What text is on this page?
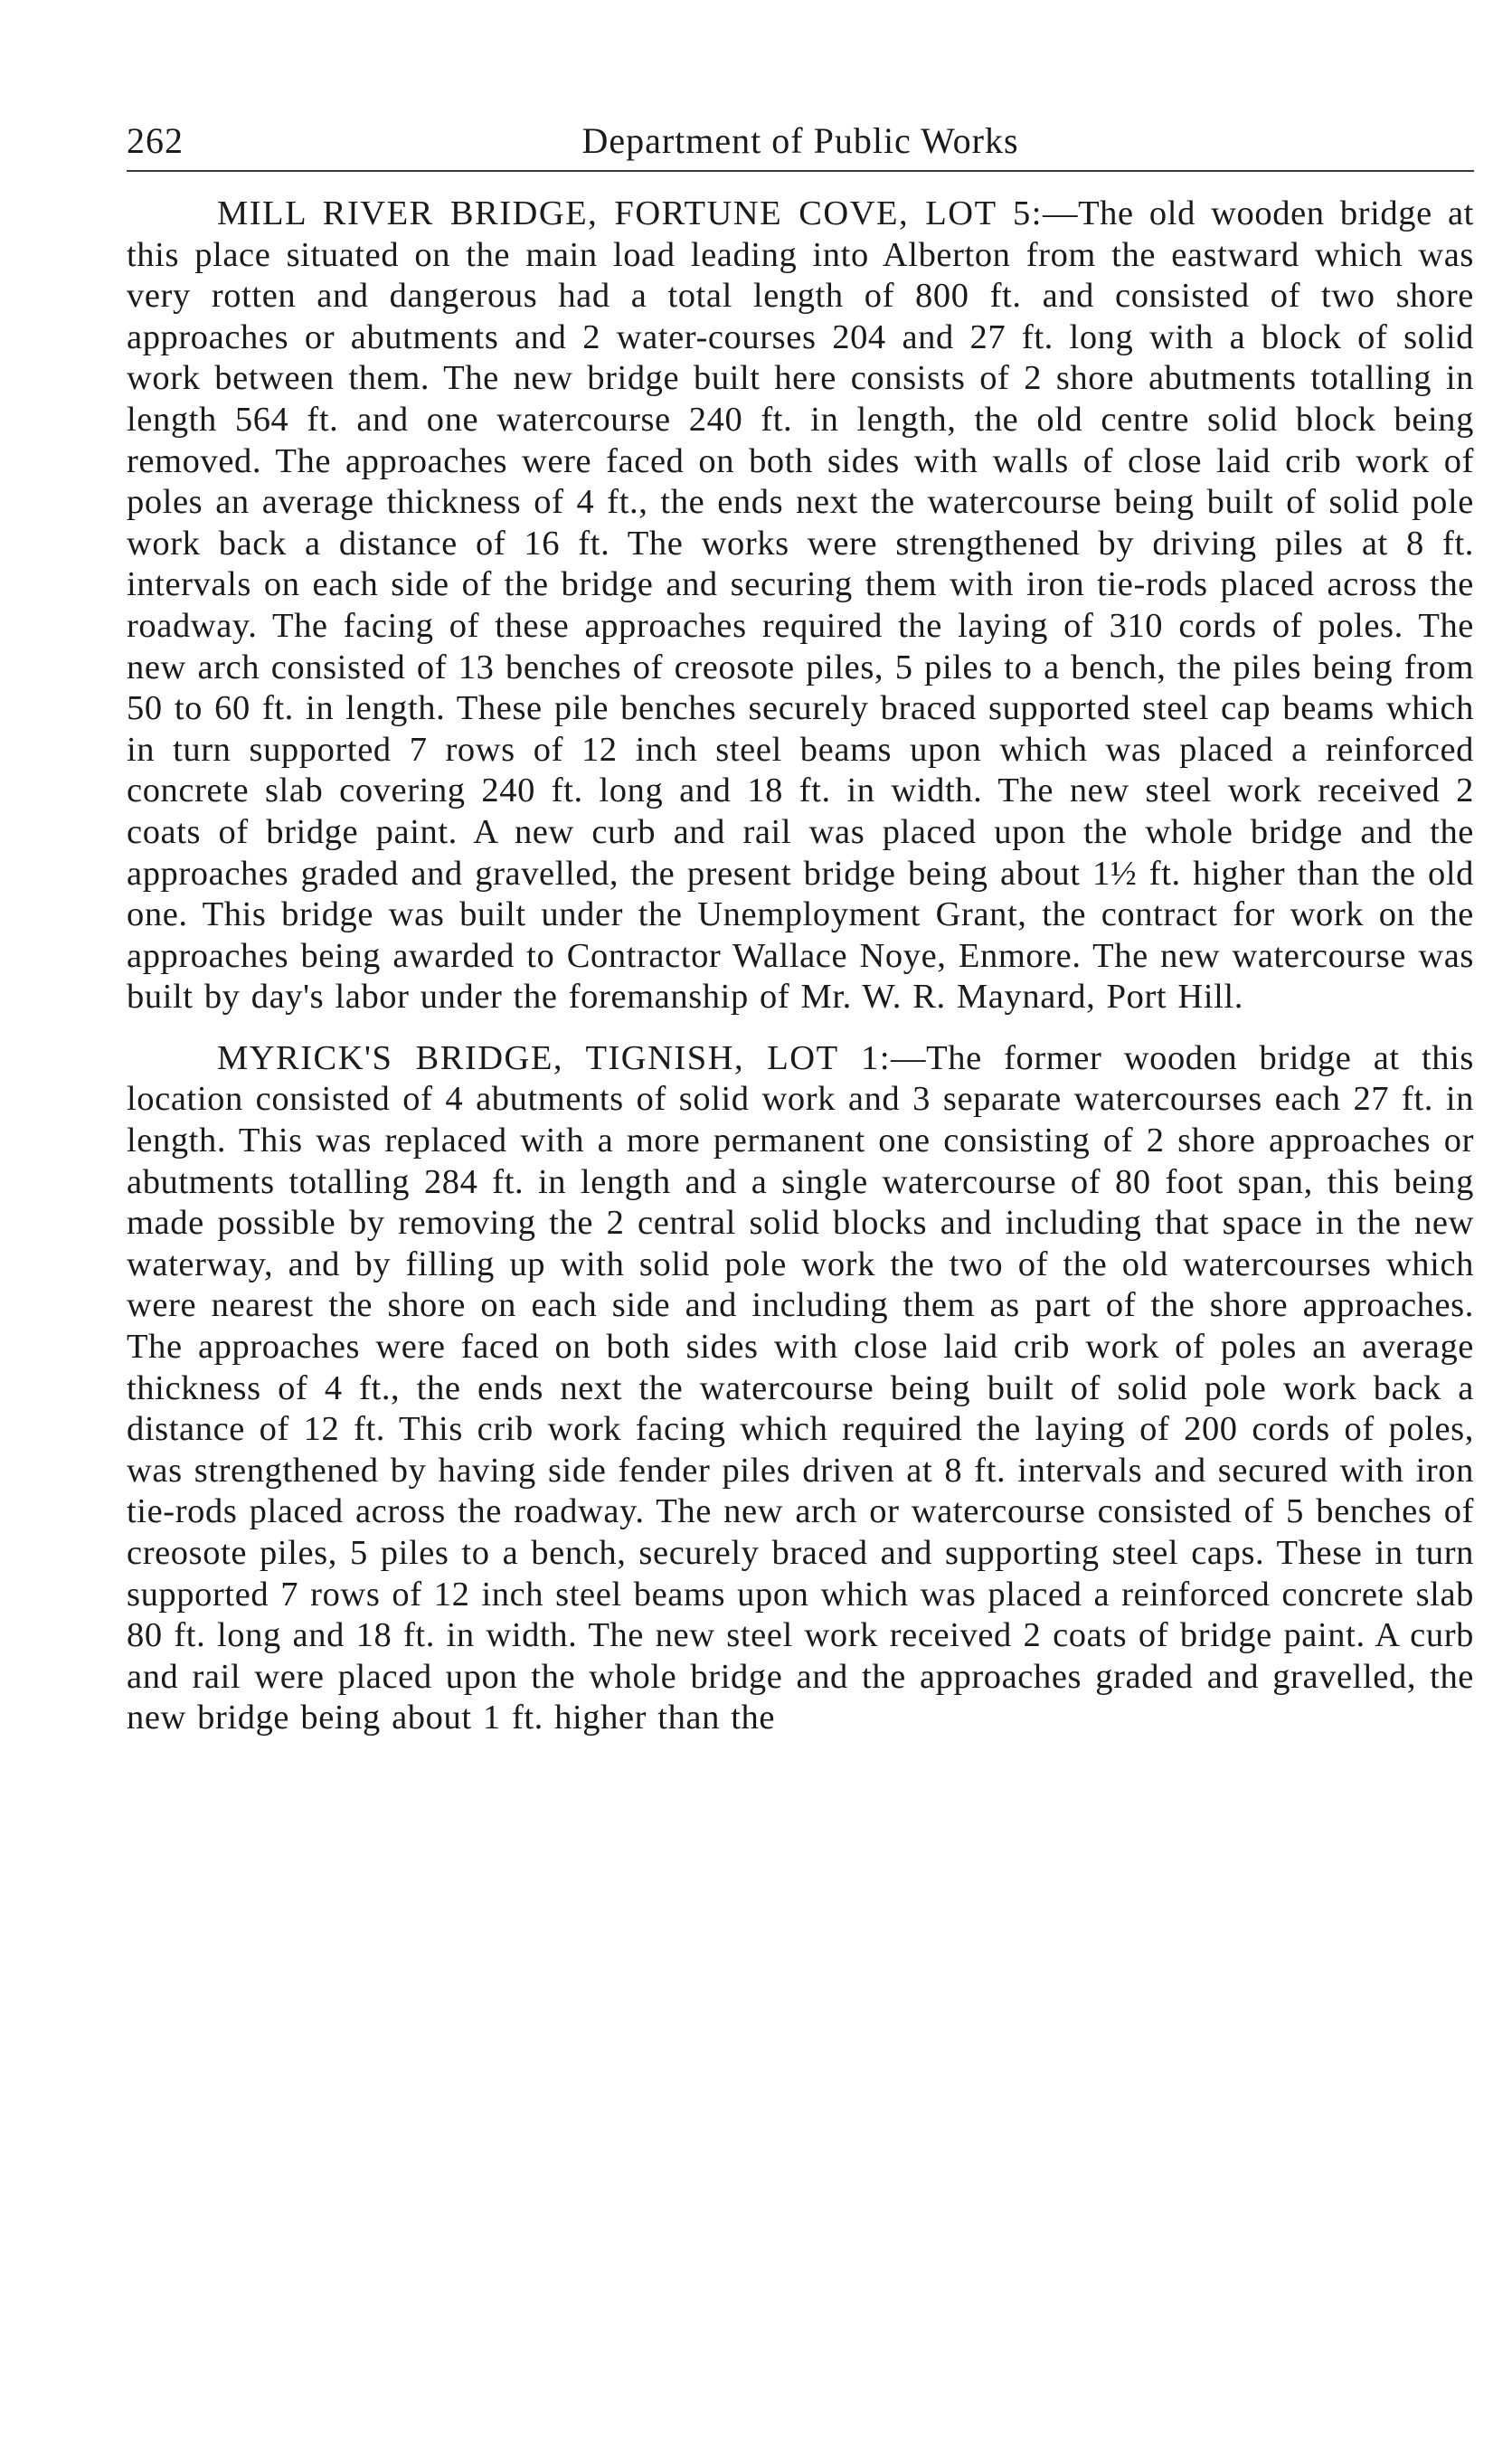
262	Department of Public Works

MILL RIVER BRIDGE, FORTUNE COVE, LOT 5:—The old wooden bridge at this place situated on the main load leading into Alberton from the eastward which was very rotten and dangerous had a total length of 800 ft. and consisted of two shore approaches or abutments and 2 water-courses 204 and 27 ft. long with a block of solid work between them. The new bridge built here consists of 2 shore abutments totalling in length 564 ft. and one watercourse 240 ft. in length, the old centre solid block being removed. The approaches were faced on both sides with walls of close laid crib work of poles an average thickness of 4 ft., the ends next the watercourse being built of solid pole work back a distance of 16 ft. The works were strengthened by driving piles at 8 ft. intervals on each side of the bridge and securing them with iron tie-rods placed across the roadway. The facing of these approaches required the laying of 310 cords of poles. The new arch consisted of 13 benches of creosote piles, 5 piles to a bench, the piles being from 50 to 60 ft. in length. These pile benches securely braced supported steel cap beams which in turn supported 7 rows of 12 inch steel beams upon which was placed a reinforced concrete slab covering 240 ft. long and 18 ft. in width. The new steel work received 2 coats of bridge paint. A new curb and rail was placed upon the whole bridge and the approaches graded and gravelled, the present bridge being about 1½ ft. higher than the old one. This bridge was built under the Unemployment Grant, the contract for work on the approaches being awarded to Contractor Wallace Noye, Enmore. The new watercourse was built by day's labor under the foremanship of Mr. W. R. Maynard, Port Hill.

MYRICK'S BRIDGE, TIGNISH, LOT 1:—The former wooden bridge at this location consisted of 4 abutments of solid work and 3 separate watercourses each 27 ft. in length. This was replaced with a more permanent one consisting of 2 shore approaches or abutments totalling 284 ft. in length and a single watercourse of 80 foot span, this being made possible by removing the 2 central solid blocks and including that space in the new waterway, and by filling up with solid pole work the two of the old watercourses which were nearest the shore on each side and including them as part of the shore approaches. The approaches were faced on both sides with close laid crib work of poles an average thickness of 4 ft., the ends next the watercourse being built of solid pole work back a distance of 12 ft. This crib work facing which required the laying of 200 cords of poles, was strengthened by having side fender piles driven at 8 ft. intervals and secured with iron tie-rods placed across the roadway. The new arch or watercourse consisted of 5 benches of creosote piles, 5 piles to a bench, securely braced and supporting steel caps. These in turn supported 7 rows of 12 inch steel beams upon which was placed a reinforced concrete slab 80 ft. long and 18 ft. in width. The new steel work received 2 coats of bridge paint. A curb and rail were placed upon the whole bridge and the approaches graded and gravelled, the new bridge being about 1 ft. higher than the
